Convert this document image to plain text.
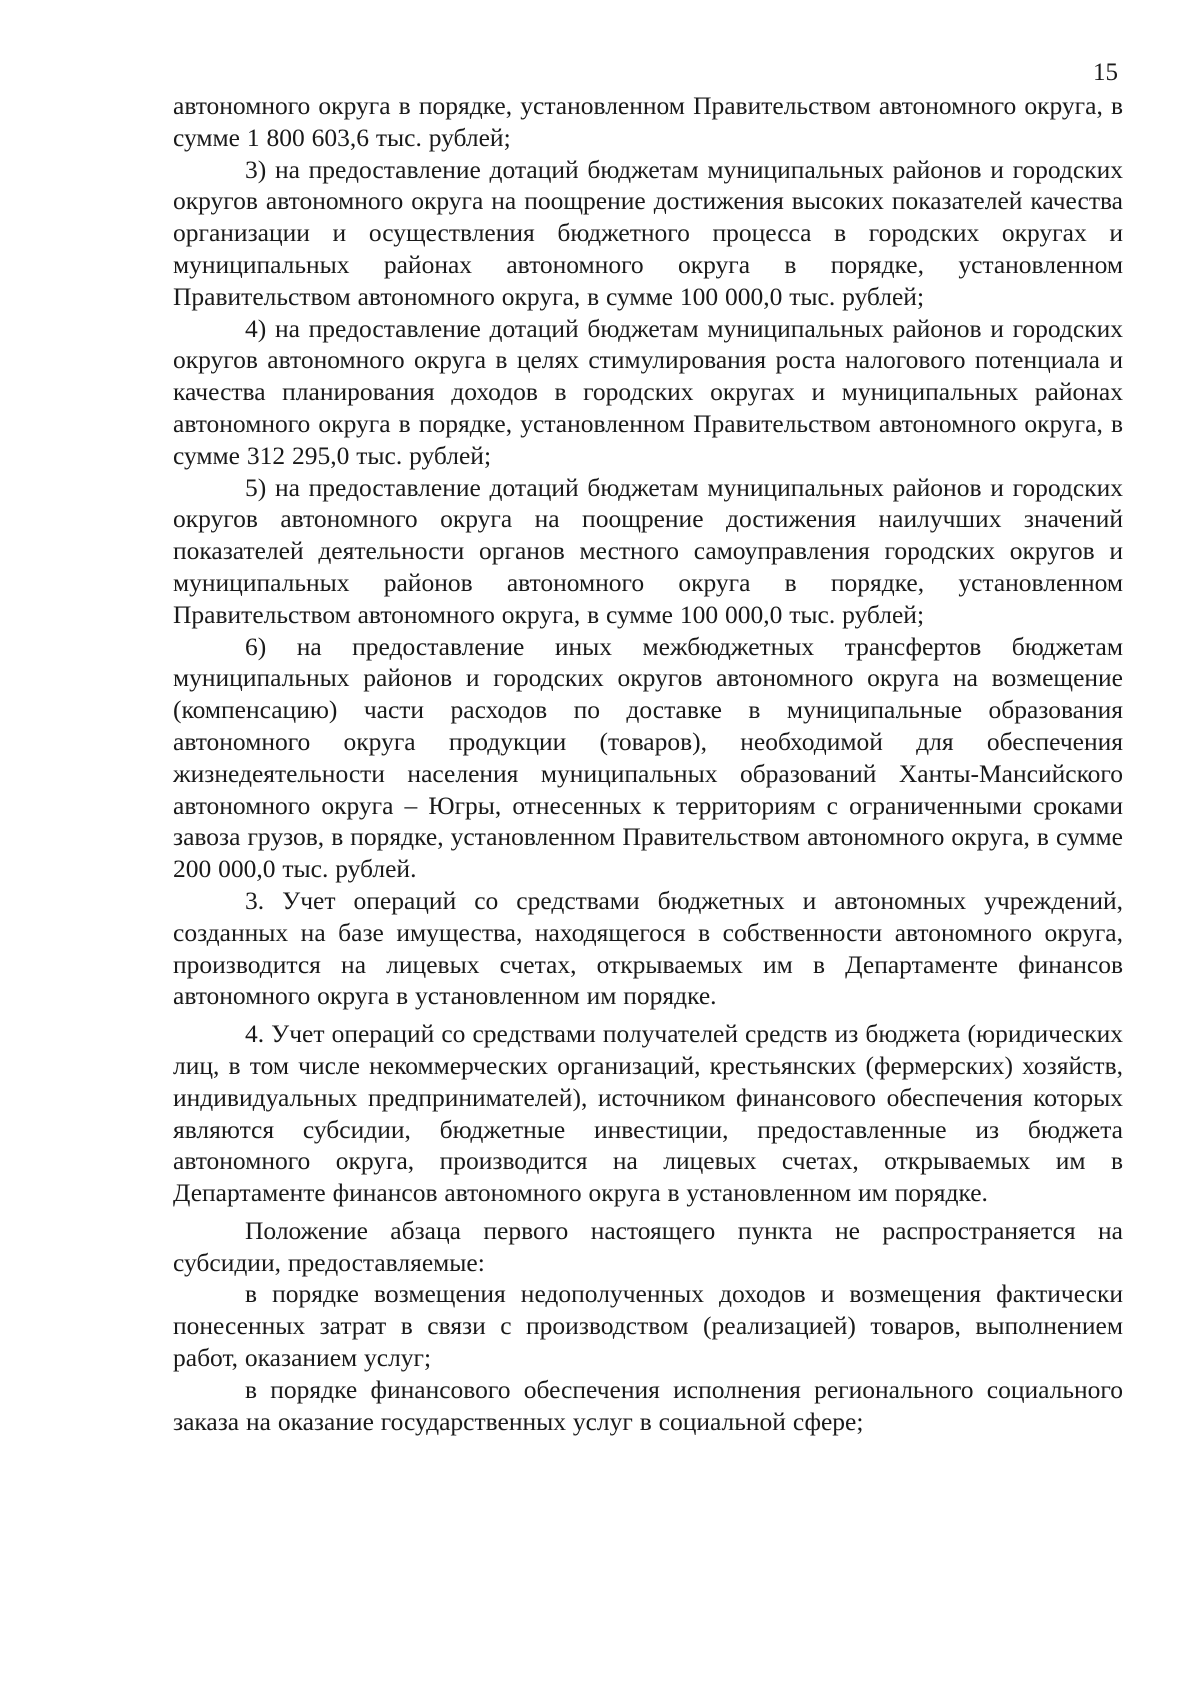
15

автономного округа в порядке, установленном Правительством автономного округа, в сумме 1 800 603,6 тыс. рублей;

3) на предоставление дотаций бюджетам муниципальных районов и городских округов автономного округа на поощрение достижения высоких показателей качества организации и осуществления бюджетного процесса в городских округах и муниципальных районах автономного округа в порядке, установленном Правительством автономного округа, в сумме 100 000,0 тыс. рублей;

4) на предоставление дотаций бюджетам муниципальных районов и городских округов автономного округа в целях стимулирования роста налогового потенциала и качества планирования доходов в городских округах и муниципальных районах автономного округа в порядке, установленном Правительством автономного округа, в сумме 312 295,0 тыс. рублей;

5) на предоставление дотаций бюджетам муниципальных районов и городских округов автономного округа на поощрение достижения наилучших значений показателей деятельности органов местного самоуправления городских округов и муниципальных районов автономного округа в порядке, установленном Правительством автономного округа, в сумме 100 000,0 тыс. рублей;

6) на предоставление иных межбюджетных трансфертов бюджетам муниципальных районов и городских округов автономного округа на возмещение (компенсацию) части расходов по доставке в муниципальные образования автономного округа продукции (товаров), необходимой для обеспечения жизнедеятельности населения муниципальных образований Ханты-Мансийского автономного округа – Югры, отнесенных к территориям с ограниченными сроками завоза грузов, в порядке, установленном Правительством автономного округа, в сумме 200 000,0 тыс. рублей.

3. Учет операций со средствами бюджетных и автономных учреждений, созданных на базе имущества, находящегося в собственности автономного округа, производится на лицевых счетах, открываемых им в Департаменте финансов автономного округа в установленном им порядке.

4. Учет операций со средствами получателей средств из бюджета (юридических лиц, в том числе некоммерческих организаций, крестьянских (фермерских) хозяйств, индивидуальных предпринимателей), источником финансового обеспечения которых являются субсидии, бюджетные инвестиции, предоставленные из бюджета автономного округа, производится на лицевых счетах, открываемых им в Департаменте финансов автономного округа в установленном им порядке.

Положение абзаца первого настоящего пункта не распространяется на субсидии, предоставляемые:

в порядке возмещения недополученных доходов и возмещения фактически понесенных затрат в связи с производством (реализацией) товаров, выполнением работ, оказанием услуг;

в порядке финансового обеспечения исполнения регионального социального заказа на оказание государственных услуг в социальной сфере;
